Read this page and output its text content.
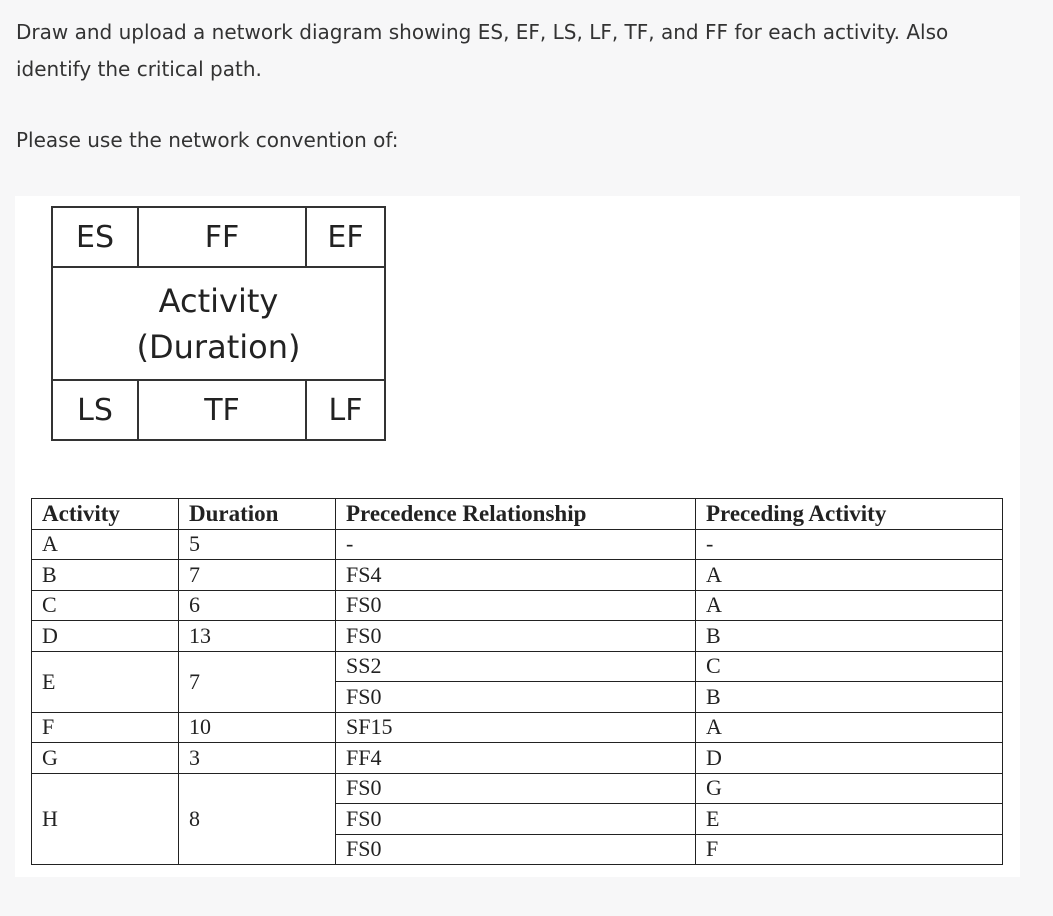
Draw and upload a network diagram showing ES, EF, LS, LF, TF, and FF for each activity. Also identify the critical path.

Please use the network convention of:

ES	FF	EF
Activity
(Duration)
LS	TF	LF
Activity	Duration	Precedence Relationship	Preceding Activity
A	5	-	-
B	7	FS4	A
C	6	FS0	A
D	13	FS0	B
E	7	SS2	C
		FS0	B
F	10	SF15	A
G	3	FF4	D
H	8	FS0	G
		FS0	E
		FS0	F
